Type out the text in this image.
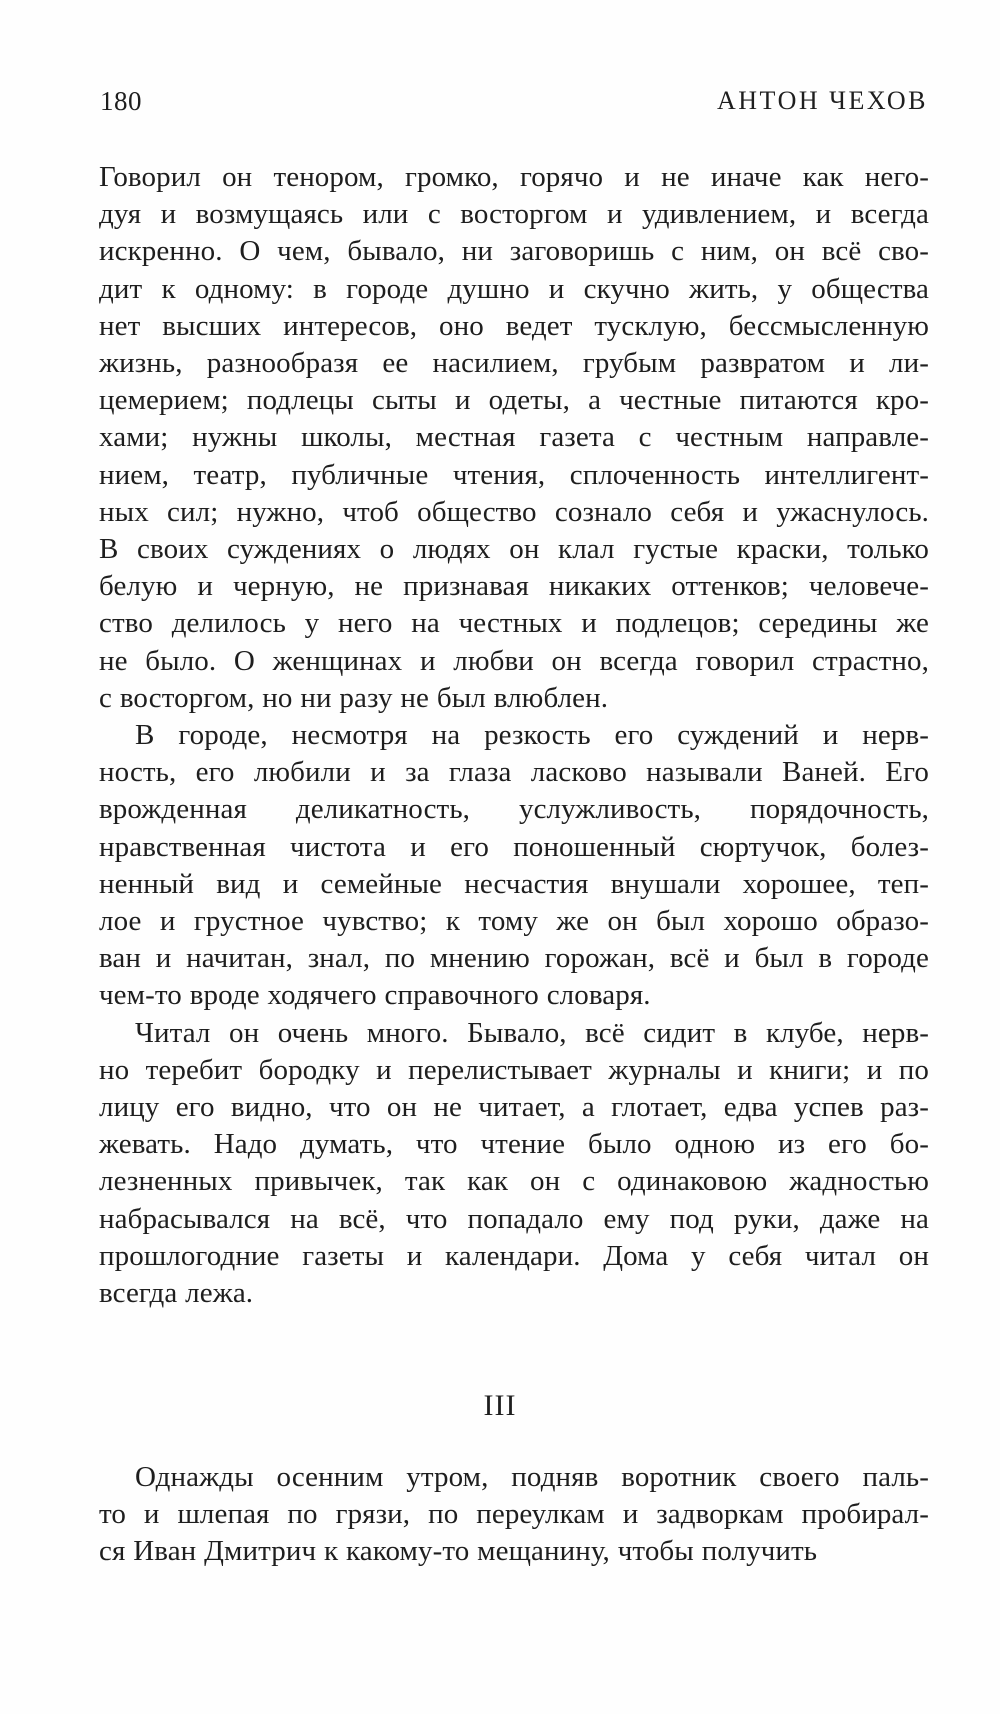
180	АНТОН ЧЕХОВ

Говорил он тенором, громко, горячо и не иначе как него-
дуя и возмущаясь или с восторгом и удивлением, и всегда
искренно. О чем, бывало, ни заговоришь с ним, он всё сво-
дит к одному: в городе душно и скучно жить, у общества
нет высших интересов, оно ведет тусклую, бессмысленную
жизнь, разнообразя ее насилием, грубым развратом и ли-
цемерием; подлецы сыты и одеты, а честные питаются кро-
хами; нужны школы, местная газета с честным направле-
нием, театр, публичные чтения, сплоченность интеллигент-
ных сил; нужно, чтоб общество сознало себя и ужаснулось.
В своих суждениях о людях он клал густые краски, только
белую и черную, не признавая никаких оттенков; человече-
ство делилось у него на честных и подлецов; середины же
не было. О женщинах и любви он всегда говорил страстно,
с восторгом, но ни разу не был влюблен.

В городе, несмотря на резкость его суждений и нерв-
ность, его любили и за глаза ласково называли Ваней. Его
врожденная деликатность, услужливость, порядочность,
нравственная чистота и его поношенный сюртучок, болез-
ненный вид и семейные несчастия внушали хорошее, теп-
лое и грустное чувство; к тому же он был хорошо образо-
ван и начитан, знал, по мнению горожан, всё и был в городе
чем-то вроде ходячего справочного словаря.

Читал он очень много. Бывало, всё сидит в клубе, нерв-
но теребит бородку и перелистывает журналы и книги; и по
лицу его видно, что он не читает, а глотает, едва успев раз-
жевать. Надо думать, что чтение было одною из его бо-
лезненных привычек, так как он с одинаковою жадностью
набрасывался на всё, что попадало ему под руки, даже на
прошлогодние газеты и календари. Дома у себя читал он
всегда лежа.

III

Однажды осенним утром, подняв воротник своего паль-
то и шлепая по грязи, по переулкам и задворкам пробирал-
ся Иван Дмитрич к какому-то мещанину, чтобы получить
